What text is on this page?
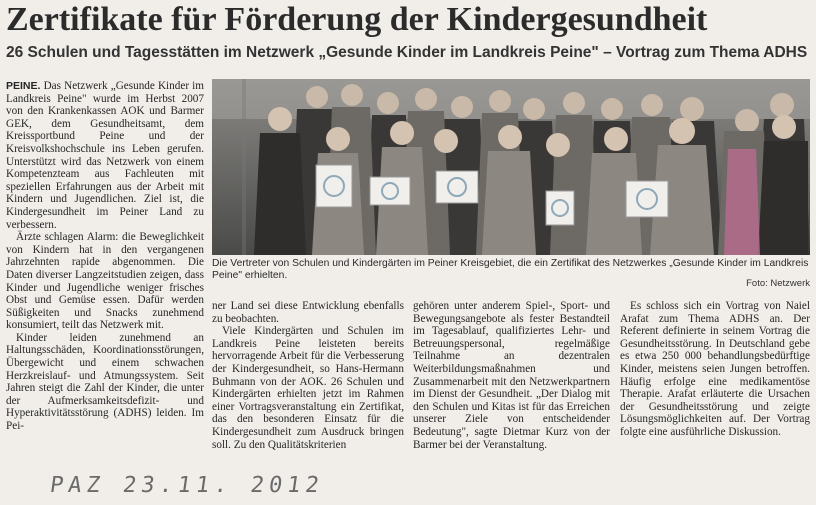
Zertifikate für Förderung der Kindergesundheit
26 Schulen und Tagesstätten im Netzwerk „Gesunde Kinder im Landkreis Peine" – Vortrag zum Thema ADHS

PEINE. Das Netzwerk „Gesunde Kinder im Landkreis Peine" wurde im Herbst 2007 von den Krankenkassen AOK und Barmer GEK, dem Gesundheitsamt, dem Kreissportbund Peine und der Kreisvolkshochschule ins Leben gerufen. Unterstützt wird das Netzwerk von einem Kompetenzteam aus Fachleuten mit speziellen Erfahrungen aus der Arbeit mit Kindern und Jugendlichen. Ziel ist, die Kindergesundheit im Peiner Land zu verbessern.

Ärzte schlagen Alarm: die Beweglichkeit von Kindern hat in den vergangenen Jahrzehnten rapide abgenommen. Die Daten diverser Langzeitstudien zeigen, dass Kinder und Jugendliche weniger frisches Obst und Gemüse essen. Dafür werden Süßigkeiten und Snacks zunehmend konsumiert, teilt das Netzwerk mit.

Kinder leiden zunehmend an Haltungsschäden, Koordinationsstörungen, Übergewicht und einem schwachen Herzkreislauf- und Atmungssystem. Seit Jahren steigt die Zahl der Kinder, die unter der Aufmerksamkeitsdefizit- und Hyperaktivitätsstörung (ADHS) leiden. Im Pei-

Die Vertreter von Schulen und Kindergärten im Peiner Kreisgebiet, die ein Zertifikat des Netzwerkes „Gesunde Kinder im Landkreis Peine" erhielten.

Foto: Netzwerk

ner Land sei diese Entwicklung ebenfalls zu beobachten.

Viele Kindergärten und Schulen im Landkreis Peine leisteten bereits hervorragende Arbeit für die Verbesserung der Kindergesundheit, so Hans-Hermann Buhmann von der AOK. 26 Schulen und Kindergärten erhielten jetzt im Rahmen einer Vortragsveranstaltung ein Zertifikat, das den besonderen Einsatz für die Kindergesundheit zum Ausdruck bringen soll. Zu den Qualitätskriterien

gehören unter anderem Spiel-, Sport- und Bewegungsangebote als fester Bestandteil im Tagesablauf, qualifiziertes Lehr- und Betreuungspersonal, regelmäßige Teilnahme an dezentralen Weiterbildungsmaßnahmen und Zusammenarbeit mit den Netzwerkpartnern im Dienst der Gesundheit. „Der Dialog mit den Schulen und Kitas ist für das Erreichen unserer Ziele von entscheidender Bedeutung", sagte Dietmar Kurz von der Barmer bei der Veranstaltung.

Es schloss sich ein Vortrag von Naiel Arafat zum Thema ADHS an. Der Referent definierte in seinem Vortrag die Gesundheitsstörung. In Deutschland gebe es etwa 250 000 behandlungsbedürftige Kinder, meistens seien Jungen betroffen. Häufig erfolge eine medikamentöse Therapie. Arafat erläuterte die Ursachen der Gesundheitsstörung und zeigte Lösungsmöglichkeiten auf. Der Vortrag folgte eine ausführliche Diskussion.

PAZ 23.11. 2012
